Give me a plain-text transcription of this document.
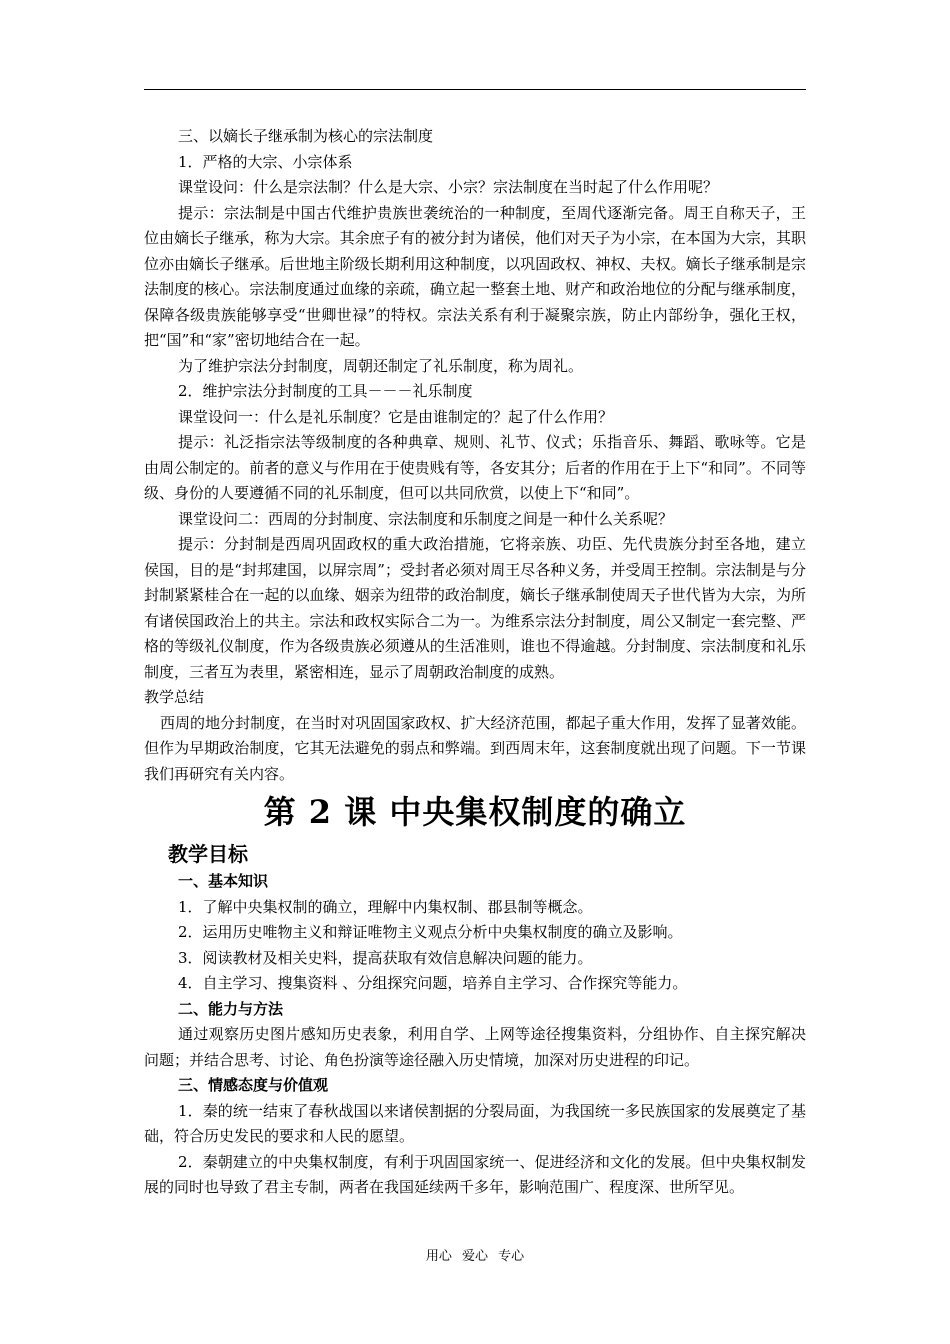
三、以嫡长子继承制为核心的宗法制度

1．严格的大宗、小宗体系

课堂设问：什么是宗法制？什么是大宗、小宗？宗法制度在当时起了什么作用呢？

提示：宗法制是中国古代维护贵族世袭统治的一种制度，至周代逐渐完备。周王自称天子，王位由嫡长子继承，称为大宗。其余庶子有的被分封为诸侯，他们对天子为小宗，在本国为大宗，其职位亦由嫡长子继承。后世地主阶级长期利用这种制度，以巩固政权、神权、夫权。嫡长子继承制是宗法制度的核心。宗法制度通过血缘的亲疏，确立起一整套土地、财产和政治地位的分配与继承制度，保障各级贵族能够享受“世卿世禄”的特权。宗法关系有利于凝聚宗族，防止内部纷争，强化王权，把“国”和“家”密切地结合在一起。

为了维护宗法分封制度，周朝还制定了礼乐制度，称为周礼。

2．维护宗法分封制度的工具－－－礼乐制度

课堂设问一：什么是礼乐制度？它是由谁制定的？起了什么作用？

提示：礼泛指宗法等级制度的各种典章、规则、礼节、仪式；乐指音乐、舞蹈、歌咏等。它是由周公制定的。前者的意义与作用在于使贵贱有等，各安其分；后者的作用在于上下“和同”。不同等级、身份的人要遵循不同的礼乐制度，但可以共同欣赏，以使上下“和同”。

课堂设问二：西周的分封制度、宗法制度和乐制度之间是一种什么关系呢？

提示：分封制是西周巩固政权的重大政治措施，它将亲族、功臣、先代贵族分封至各地，建立侯国，目的是“封邦建国，以屏宗周”；受封者必须对周王尽各种义务，并受周王控制。宗法制是与分封制紧紧桂合在一起的以血缘、姻亲为纽带的政治制度，嫡长子继承制使周天子世代皆为大宗，为所有诸侯国政治上的共主。宗法和政权实际合二为一。为维系宗法分封制度，周公又制定一套完整、严格的等级礼仪制度，作为各级贵族必须遵从的生活准则，谁也不得逾越。分封制度、宗法制度和礼乐制度，三者互为表里，紧密相连，显示了周朝政治制度的成熟。

教学总结

西周的地分封制度，在当时对巩固国家政权、扩大经济范围，都起子重大作用，发挥了显著效能。但作为早期政治制度，它其无法避免的弱点和弊端。到西周末年，这套制度就出现了问题。下一节课我们再研究有关内容。

第 2 课 中央集权制度的确立
教学目标

一、基本知识

1．了解中央集权制的确立，理解中内集权制、郡县制等概念。

2．运用历史唯物主义和辩证唯物主义观点分析中央集权制度的确立及影响。

3．阅读教材及相关史料，提高获取有效信息解决问题的能力。

4．自主学习、搜集资料 、分组探究问题，培养自主学习、合作探究等能力。

二、能力与方法

通过观察历史图片感知历史表象，利用自学、上网等途径搜集资料，分组协作、自主探究解决问题；并结合思考、讨论、角色扮演等途径融入历史情境，加深对历史进程的印记。

三、情感态度与价值观

1．秦的统一结束了春秋战国以来诸侯割据的分裂局面，为我国统一多民族国家的发展奠定了基础，符合历史发民的要求和人民的愿望。

2．秦朝建立的中央集权制度，有利于巩固国家统一、促进经济和文化的发展。但中央集权制发展的同时也导致了君主专制，两者在我国延续两千多年，影响范围广、程度深、世所罕见。

用心 爱心 专心
